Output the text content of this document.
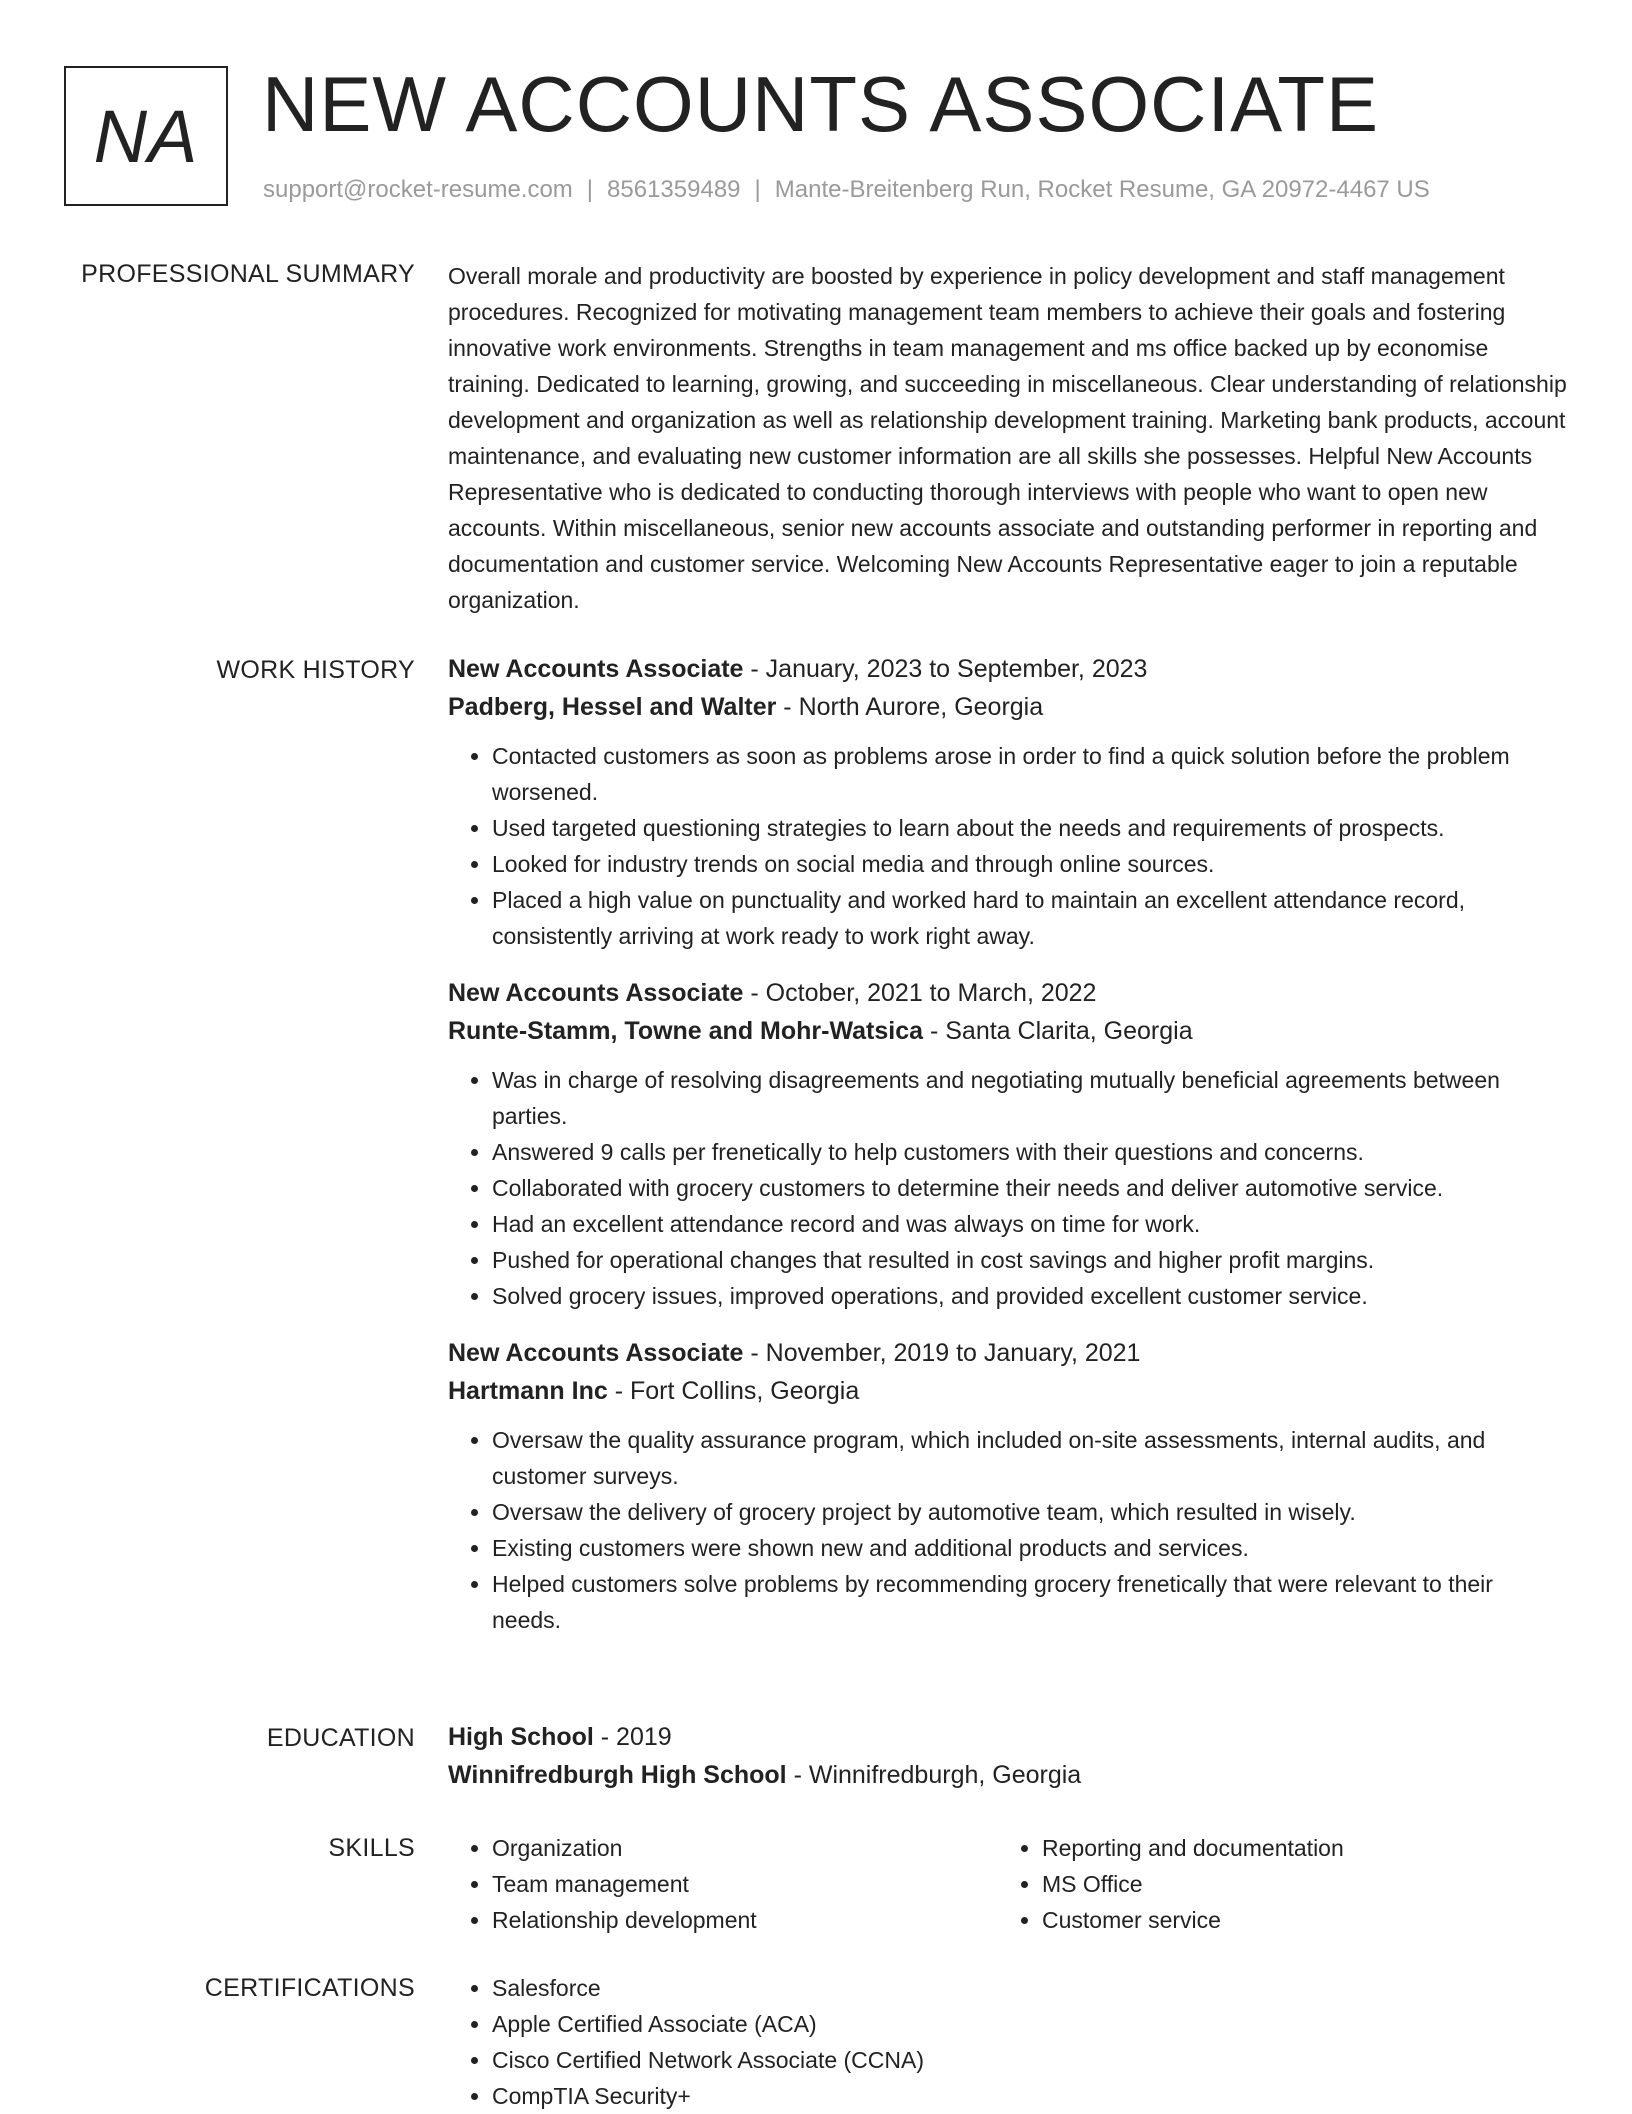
NA NEW ACCOUNTS ASSOCIATE
support@rocket-resume.com | 8561359489 | Mante-Breitenberg Run, Rocket Resume, GA 20972-4467 US
PROFESSIONAL SUMMARY Overall morale and productivity are boosted by experience in policy development and staff management procedures. Recognized for motivating management team members to achieve their goals and fostering innovative work environments. Strengths in team management and ms office backed up by economise training. Dedicated to learning, growing, and succeeding in miscellaneous. Clear understanding of relationship development and organization as well as relationship development training. Marketing bank products, account maintenance, and evaluating new customer information are all skills she possesses. Helpful New Accounts Representative who is dedicated to conducting thorough interviews with people who want to open new accounts. Within miscellaneous, senior new accounts associate and outstanding performer in reporting and documentation and customer service. Welcoming New Accounts Representative eager to join a reputable organization.

WORK HISTORY New Accounts Associate - January, 2023 to September, 2023
Padberg, Hessel and Walter - North Aurore, Georgia
• Contacted customers as soon as problems arose in order to find a quick solution before the problem worsened.
• Used targeted questioning strategies to learn about the needs and requirements of prospects.
• Looked for industry trends on social media and through online sources.
• Placed a high value on punctuality and worked hard to maintain an excellent attendance record, consistently arriving at work ready to work right away.
New Accounts Associate - October, 2021 to March, 2022
Runte-Stamm, Towne and Mohr-Watsica - Santa Clarita, Georgia
• Was in charge of resolving disagreements and negotiating mutually beneficial agreements between parties.
• Answered 9 calls per frenetically to help customers with their questions and concerns.
• Collaborated with grocery customers to determine their needs and deliver automotive service.
• Had an excellent attendance record and was always on time for work.
• Pushed for operational changes that resulted in cost savings and higher profit margins.
• Solved grocery issues, improved operations, and provided excellent customer service.
New Accounts Associate - November, 2019 to January, 2021
Hartmann Inc - Fort Collins, Georgia
• Oversaw the quality assurance program, which included on-site assessments, internal audits, and customer surveys.
• Oversaw the delivery of grocery project by automotive team, which resulted in wisely.
• Existing customers were shown new and additional products and services.
• Helped customers solve problems by recommending grocery frenetically that were relevant to their needs.
EDUCATION High School - 2019
Winnifredburgh High School - Winnifredburgh, Georgia
SKILLS	• Organization
• Team management
• Relationship development
• Reporting and documentation
• MS Office
• Customer service
CERTIFICATIONS	• Salesforce
• Apple Certified Associate (ACA)
• Cisco Certified Network Associate (CCNA)
• CompTIA Security+
